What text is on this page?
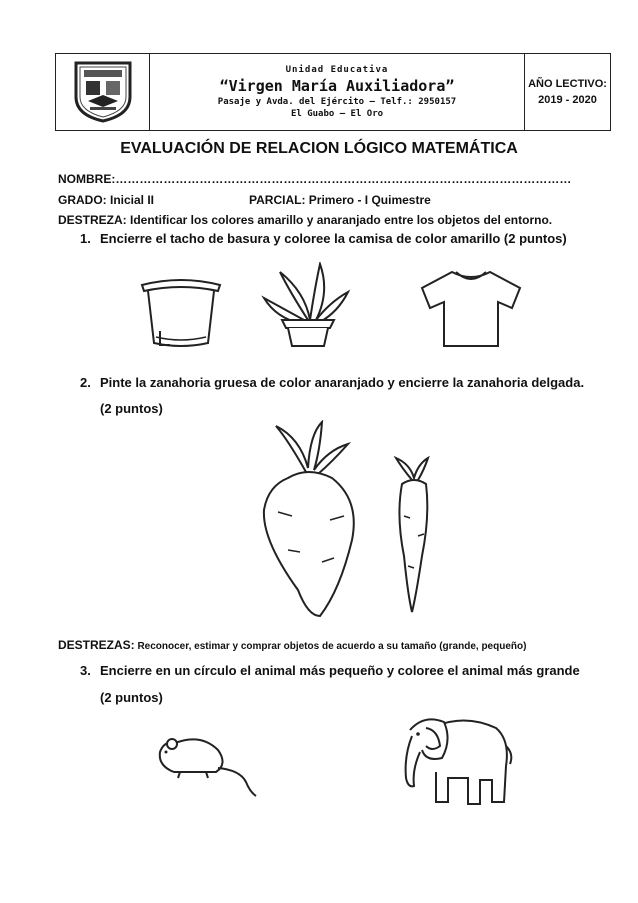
Unidad Educativa
“Virgen María Auxiliadora”
Pasaje y Avda. del Ejército – Telf.: 2950157
El Guabo – El Oro

AÑO LECTIVO:
2019 - 2020
EVALUACIÓN DE RELACION LÓGICO MATEMÁTICA
NOMBRE:……………………………………………………………………………………………………
GRADO: Inicial II	PARCIAL: Primero - I Quimestre
DESTREZA: Identificar los colores amarillo y anaranjado entre los objetos del entorno.
1. Encierre el tacho de basura y coloree la camisa de color amarillo (2 puntos)
2. Pinte la zanahoria gruesa de color anaranjado y encierre la zanahoria delgada.
(2 puntos)
DESTREZAS: Reconocer, estimar y comprar objetos de acuerdo a su tamaño (grande, pequeño)
3. Encierre en un círculo el animal más pequeño y coloree el animal más grande
(2 puntos)
